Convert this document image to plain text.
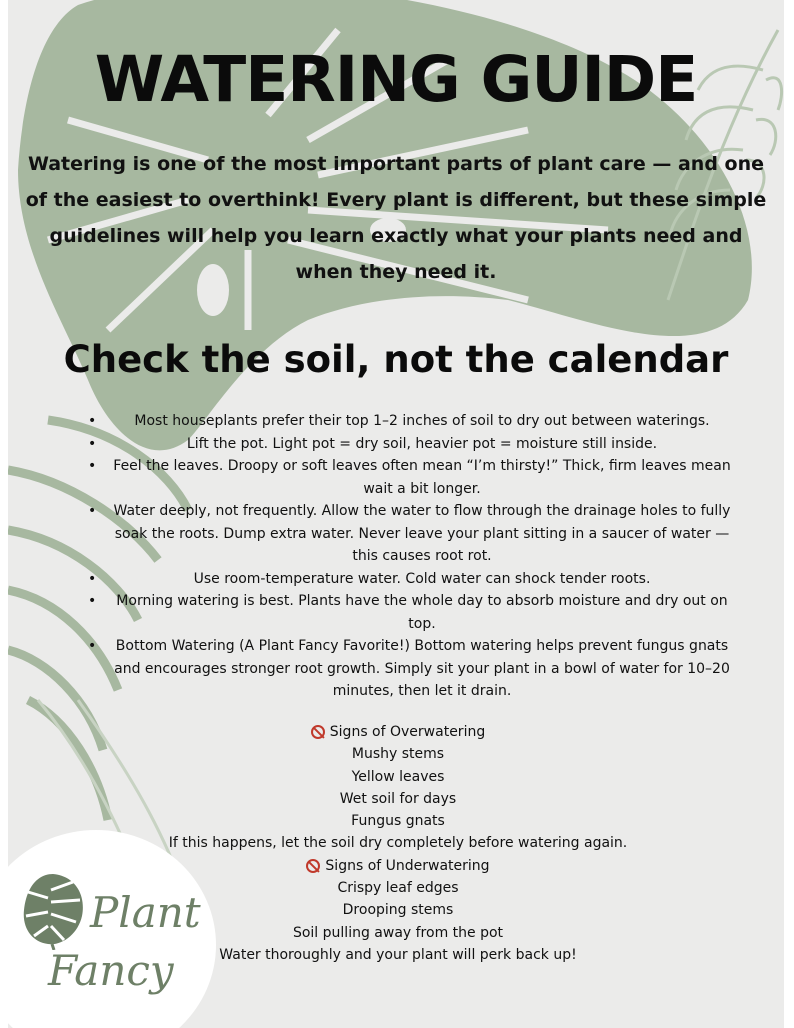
WATERING GUIDE

Watering is one of the most important parts of plant care — and one of the easiest to overthink! Every plant is different, but these simple guidelines will help you learn exactly what your plants need and when they need it.

Check the soil, not the calendar
•	Most houseplants prefer their top 1–2 inches of soil to dry out between waterings.
•	Lift the pot. Light pot = dry soil, heavier pot = moisture still inside.
• Feel the leaves. Droopy or soft leaves often mean “I’m thirsty!” Thick, firm leaves mean wait a bit longer.
• Water deeply, not frequently. Allow the water to flow through the drainage holes to fully soak the roots. Dump extra water. Never leave your plant sitting in a saucer of water — this causes root rot.
•	Use room-temperature water. Cold water can shock tender roots.
• Morning watering is best. Plants have the whole day to absorb moisture and dry out on top.
• Bottom Watering (A Plant Fancy Favorite!) Bottom watering helps prevent fungus gnats and encourages stronger root growth. Simply sit your plant in a bowl of water for 10–20 minutes, then let it drain.
Signs of Overwatering
Mushy stems
Yellow leaves
Wet soil for days
Fungus gnats
If this happens, let the soil dry completely before watering again.
Signs of Underwatering
Crispy leaf edges
Drooping stems
Soil pulling away from the pot
Water thoroughly and your plant will perk back up!

Plant

Fancy
